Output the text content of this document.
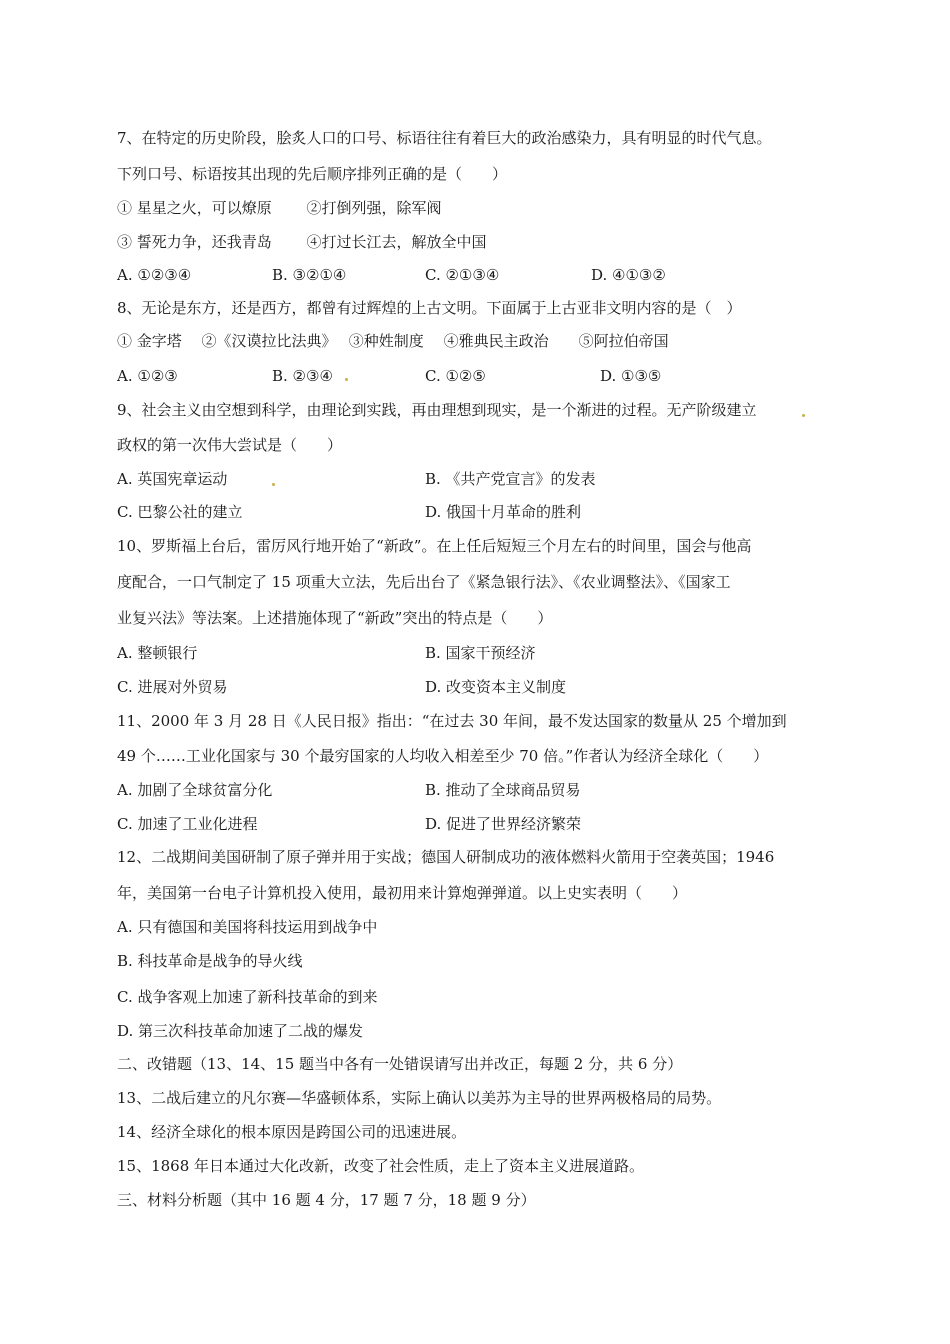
7、在特定的历史阶段，脍炙人口的口号、标语往往有着巨大的政治感染力，具有明显的时代气息。
下列口号、标语按其出现的先后顺序排列正确的是（　　）
① 星星之火，可以燎原　　 ②打倒列强，除军阀
③ 誓死力争，还我青岛　　 ④打过长江去，解放全中国
A. ①②③④	B. ③②①④	C. ②①③④	D. ④①③②
8、无论是东方，还是西方，都曾有过辉煌的上古文明。下面属于上古亚非文明内容的是（　）
① 金字塔　 ②《汉谟拉比法典》　 ③种姓制度　 ④雅典民主政治　　⑤阿拉伯帝国
A. ①②③	B. ②③④	C. ①②⑤	D. ①③⑤
9、社会主义由空想到科学，由理论到实践，再由理想到现实，是一个渐进的过程。无产阶级建立
政权的第一次伟大尝试是（　　）
A. 英国宪章运动	B. 《共产党宣言》的发表
C. 巴黎公社的建立	D. 俄国十月革命的胜利
10、罗斯福上台后，雷厉风行地开始了“新政”。在上任后短短三个月左右的时间里，国会与他高
度配合，一口气制定了 15 项重大立法，先后出台了《紧急银行法》、《农业调整法》、《国家工
业复兴法》等法案。上述措施体现了“新政”突出的特点是（　　）
A. 整顿银行	B. 国家干预经济
C. 进展对外贸易	D. 改变资本主义制度
11、2000 年 3 月 28 日《人民日报》指出：“在过去 30 年间，最不发达国家的数量从 25 个增加到
49 个……工业化国家与 30 个最穷国家的人均收入相差至少 70 倍。”作者认为经济全球化（　　）
A. 加剧了全球贫富分化	B. 推动了全球商品贸易
C. 加速了工业化进程	D. 促进了世界经济繁荣
12、二战期间美国研制了原子弹并用于实战；德国人研制成功的液体燃料火箭用于空袭英国；1946
年，美国第一台电子计算机投入使用，最初用来计算炮弹弹道。以上史实表明（　　）
A. 只有德国和美国将科技运用到战争中
B. 科技革命是战争的导火线
C. 战争客观上加速了新科技革命的到来
D. 第三次科技革命加速了二战的爆发
二、改错题（13、14、15 题当中各有一处错误请写出并改正，每题 2 分，共 6 分）
13、二战后建立的凡尔赛—华盛顿体系，实际上确认以美苏为主导的世界两极格局的局势。
14、经济全球化的根本原因是跨国公司的迅速进展。
15、1868 年日本通过大化改新，改变了社会性质，走上了资本主义进展道路。
三、材料分析题（其中 16 题 4 分，17 题 7 分，18 题 9 分）
